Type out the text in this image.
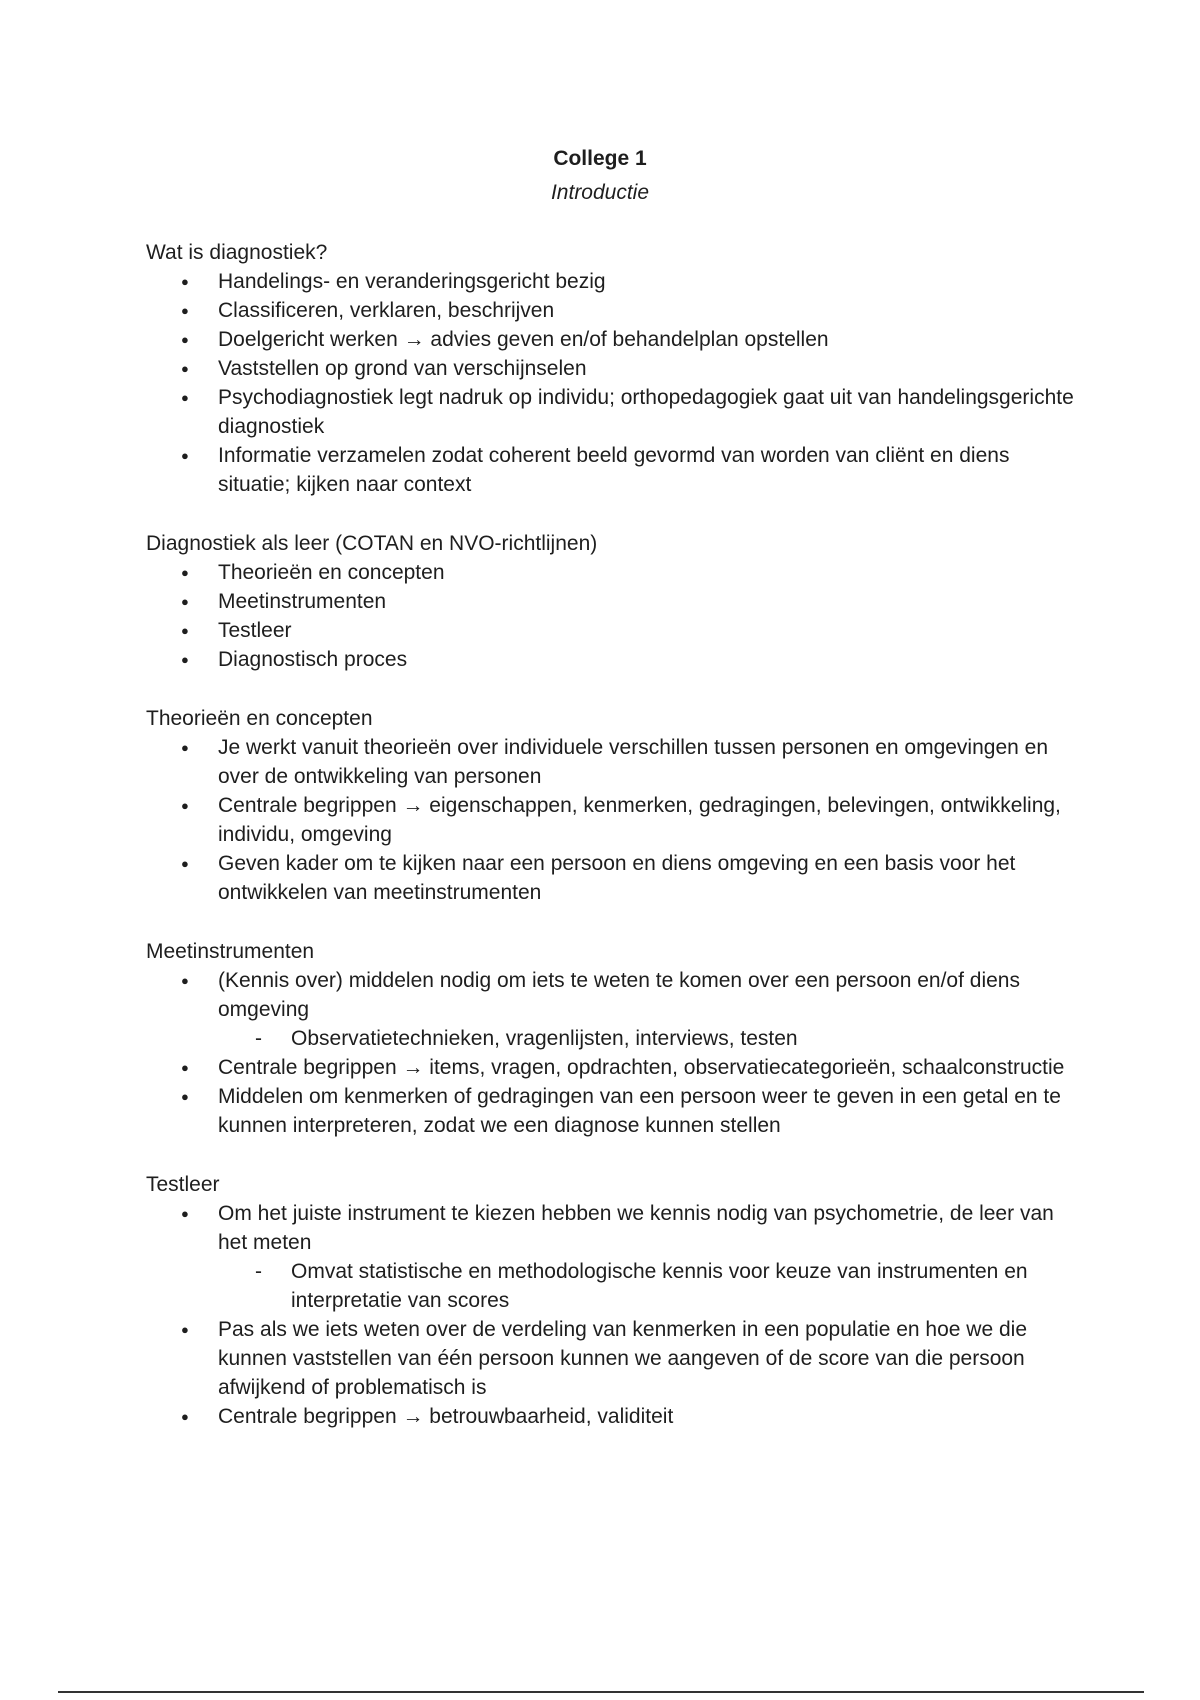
College 1
Introductie

Wat is diagnostiek?

● Handelings- en veranderingsgericht bezig
● Classificeren, verklaren, beschrijven
● Doelgericht werken → advies geven en/of behandelplan opstellen
● Vaststellen op grond van verschijnselen
● Psychodiagnostiek legt nadruk op individu; orthopedagogiek gaat uit van handelingsgerichte diagnostiek
● Informatie verzamelen zodat coherent beeld gevormd van worden van cliënt en diens situatie; kijken naar context

Diagnostiek als leer (COTAN en NVO-richtlijnen)

● Theorieën en concepten
● Meetinstrumenten
● Testleer
● Diagnostisch proces

Theorieën en concepten

● Je werkt vanuit theorieën over individuele verschillen tussen personen en omgevingen en over de ontwikkeling van personen
● Centrale begrippen → eigenschappen, kenmerken, gedragingen, belevingen, ontwikkeling, individu, omgeving
● Geven kader om te kijken naar een persoon en diens omgeving en een basis voor het ontwikkelen van meetinstrumenten

Meetinstrumenten

● (Kennis over) middelen nodig om iets te weten te komen over een persoon en/of diens omgeving
- Observatietechnieken, vragenlijsten, interviews, testen
● Centrale begrippen → items, vragen, opdrachten, observatiecategorieën, schaalconstructie
● Middelen om kenmerken of gedragingen van een persoon weer te geven in een getal en te kunnen interpreteren, zodat we een diagnose kunnen stellen

Testleer

● Om het juiste instrument te kiezen hebben we kennis nodig van psychometrie, de leer van het meten
- Omvat statistische en methodologische kennis voor keuze van instrumenten en interpretatie van scores
● Pas als we iets weten over de verdeling van kenmerken in een populatie en hoe we die kunnen vaststellen van één persoon kunnen we aangeven of de score van die persoon afwijkend of problematisch is
● Centrale begrippen → betrouwbaarheid, validiteit
